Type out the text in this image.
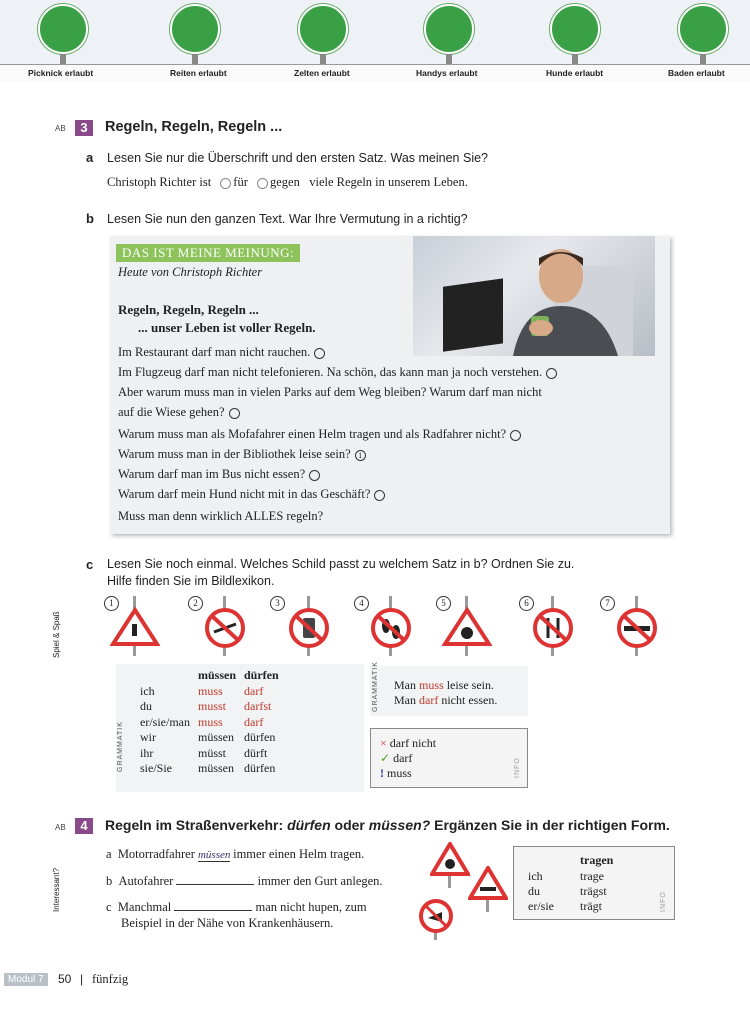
Picknick erlaubt	Reiten erlaubt	Zelten erlaubt	Handys erlaubt	Hunde erlaubt	Baden erlaubt
AB	3	Regeln, Regeln, Regeln ...
a Lesen Sie nur die Überschrift und den ersten Satz. Was meinen Sie?
Christoph Richter ist für gegen viele Regeln in unserem Leben.
b Lesen Sie nun den ganzen Text. War Ihre Vermutung in a richtig?
DAS IST MEINE MEINUNG:
Heute von Christoph Richter
Regeln, Regeln, Regeln ...
... unser Leben ist voller Regeln.
Im Restaurant darf man nicht rauchen.
Im Flugzeug darf man nicht telefonieren. Na schön, das kann man ja noch verstehen.
Aber warum muss man in vielen Parks auf dem Weg bleiben? Warum darf man nicht
auf die Wiese gehen?
Warum muss man als Mofafahrer einen Helm tragen und als Radfahrer nicht?
Warum muss man in der Bibliothek leise sein? 1
Warum darf man im Bus nicht essen?
Warum darf mein Hund nicht mit in das Geschäft?
Muss man denn wirklich ALLES regeln?
c Lesen Sie noch einmal. Welches Schild passt zu welchem Satz in b? Ordnen Sie zu.
Hilfe finden Sie im Bildlexikon.
Spiel & Spaß
1	2	3	4	5	6	7
GRAMMATIK
	müssen	dürfen
ich	muss	darf
du	musst	darfst
er/sie/man	muss	darf
wir	müssen	dürfen
ihr	müsst	dürft
sie/Sie	müssen	dürfen
GRAMMATIK Man muss leise sein.
Man darf nicht essen.
× darf nicht
✓ darf
! muss	INFO
AB	4	Regeln im Straßenverkehr: dürfen oder müssen? Ergänzen Sie in der richtigen Form.
Interessant?
a Motorradfahrer müssen immer einen Helm tragen.
b Autofahrer	immer den Gurt anlegen.
c Manchmal	man nicht hupen, zum
Beispiel in der Nähe von Krankenhäusern.
tragen
ich	trage
du	trägst
er/sie trägt	INFO
Modul 7	50 | fünfzig
